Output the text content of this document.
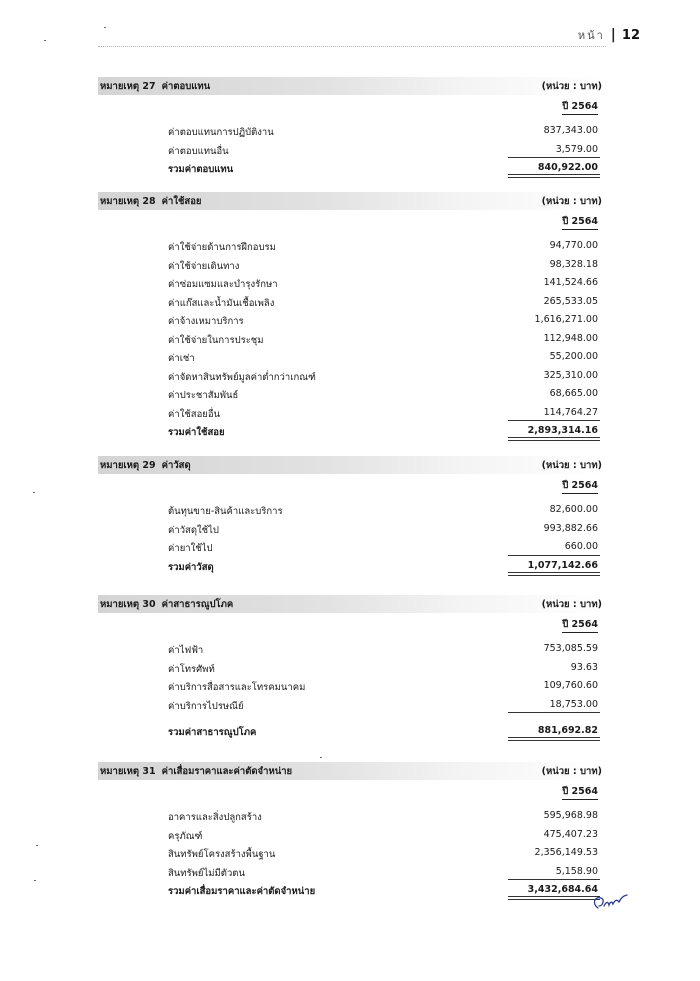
หน้า | 12
หมายเหตุ 27 ค่าตอบแทน	(หน่วย : บาท)
ปี 2564
ค่าตอบแทนการปฏิบัติงาน	837,343.00
ค่าตอบแทนอื่น	3,579.00
รวมค่าตอบแทน	840,922.00
หมายเหตุ 28 ค่าใช้สอย	(หน่วย : บาท)
ปี 2564
ค่าใช้จ่ายด้านการฝึกอบรม	94,770.00
ค่าใช้จ่ายเดินทาง	98,328.18
ค่าซ่อมแซมและบำรุงรักษา	141,524.66
ค่าแก๊สและน้ำมันเชื้อเพลิง	265,533.05
ค่าจ้างเหมาบริการ	1,616,271.00
ค่าใช้จ่ายในการประชุม	112,948.00
ค่าเช่า	55,200.00
ค่าจัดหาสินทรัพย์มูลค่าต่ำกว่าเกณฑ์	325,310.00
ค่าประชาสัมพันธ์	68,665.00
ค่าใช้สอยอื่น	114,764.27
รวมค่าใช้สอย	2,893,314.16
หมายเหตุ 29 ค่าวัสดุ	(หน่วย : บาท)
ปี 2564
ต้นทุนขาย-สินค้าและบริการ	82,600.00
ค่าวัสดุใช้ไป	993,882.66
ค่ายาใช้ไป	660.00
รวมค่าวัสดุ	1,077,142.66
หมายเหตุ 30 ค่าสาธารณูปโภค	(หน่วย : บาท)
ปี 2564
ค่าไฟฟ้า	753,085.59
ค่าโทรศัพท์	93.63
ค่าบริการสื่อสารและโทรคมนาคม	109,760.60
ค่าบริการไปรษณีย์	18,753.00
รวมค่าสาธารณูปโภค	881,692.82
หมายเหตุ 31 ค่าเสื่อมราคาและค่าตัดจำหน่าย	(หน่วย : บาท)
ปี 2564
อาคารและสิ่งปลูกสร้าง	595,968.98
ครุภัณฑ์	475,407.23
สินทรัพย์โครงสร้างพื้นฐาน	2,356,149.53
สินทรัพย์ไม่มีตัวตน	5,158.90
รวมค่าเสื่อมราคาและค่าตัดจำหน่าย	3,432,684.64
